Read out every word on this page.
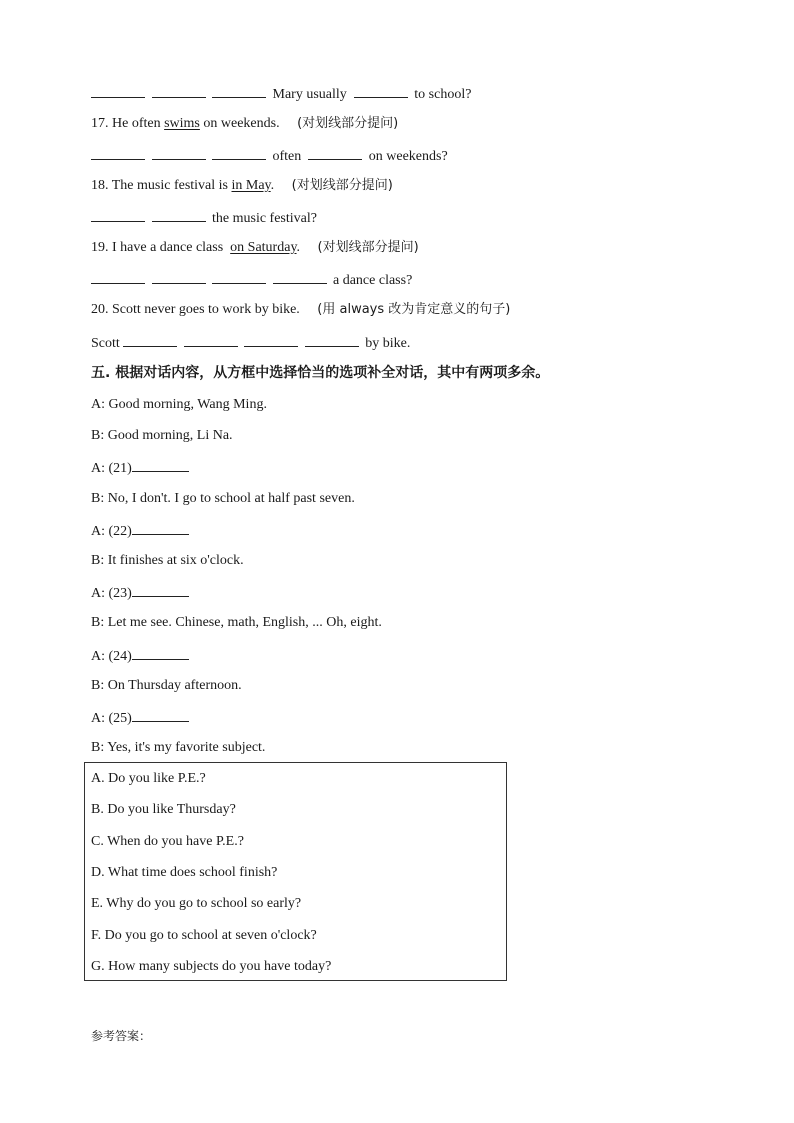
Mary usually	to school?
17. He often swims on weekends. (对划线部分提问)
often	on weekends?
18. The music festival is in May. (对划线部分提问)
the music festival?
19. I have a dance class on Saturday. (对划线部分提问)
a dance class?
20. Scott never goes to work by bike. (用 always 改为肯定意义的句子)
Scott	by bike.
五. 根据对话内容，从方框中选择恰当的选项补全对话，其中有两项多余。
A: Good morning, Wang Ming.
B: Good morning, Li Na.
A: (21)
B: No, I don't. I go to school at half past seven.
A: (22)
B: It finishes at six o'clock.
A: (23)
B: Let me see. Chinese, math, English, ... Oh, eight.
A: (24)
B: On Thursday afternoon.
A: (25)
B: Yes, it's my favorite subject.
A. Do you like P.E.?
B. Do you like Thursday?
C. When do you have P.E.?
D. What time does school finish?
E. Why do you go to school so early?
F. Do you go to school at seven o'clock?
G. How many subjects do you have today?
参考答案：
